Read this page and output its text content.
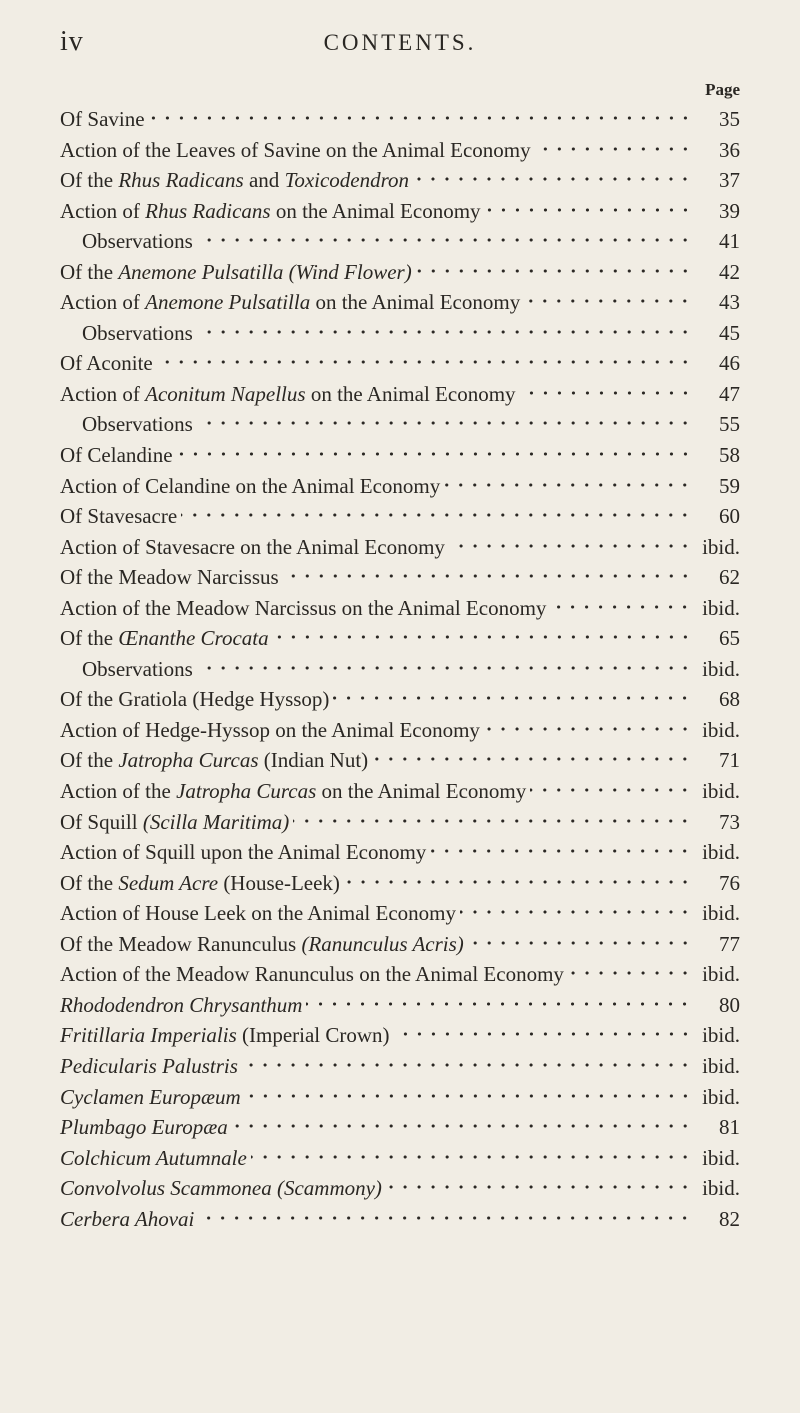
iv	CONTENTS.
Page
Of Savine	35
Action of the Leaves of Savine on the Animal Economy	36
Of the Rhus Radicans and Toxicodendron	37
Action of Rhus Radicans on the Animal Economy	39
Observations	41
Of the Anemone Pulsatilla (Wind Flower)	42
Action of Anemone Pulsatilla on the Animal Economy	43
Observations	45
Of Aconite	46
Action of Aconitum Napellus on the Animal Economy	47
Observations	55
Of Celandine	58
Action of Celandine on the Animal Economy	59
Of Stavesacre	60
Action of Stavesacre on the Animal Economy	ibid.
Of the Meadow Narcissus	62
Action of the Meadow Narcissus on the Animal Economy	ibid.
Of the Œnanthe Crocata	65
Observations	ibid.
Of the Gratiola (Hedge Hyssop)	68
Action of Hedge-Hyssop on the Animal Economy	ibid.
Of the Jatropha Curcas (Indian Nut)	71
Action of the Jatropha Curcas on the Animal Economy	ibid.
Of Squill (Scilla Maritima)	73
Action of Squill upon the Animal Economy	ibid.
Of the Sedum Acre (House-Leek)	76
Action of House Leek on the Animal Economy	ibid.
Of the Meadow Ranunculus (Ranunculus Acris)	77
Action of the Meadow Ranunculus on the Animal Economy	ibid.
Rhododendron Chrysanthum	80
Fritillaria Imperialis (Imperial Crown)	ibid.
Pedicularis Palustris	ibid.
Cyclamen Europæum	ibid.
Plumbago Europæa	81
Colchicum Autumnale	ibid.
Convolvolus Scammonea (Scammony)	ibid.
Cerbera Ahovai	82
